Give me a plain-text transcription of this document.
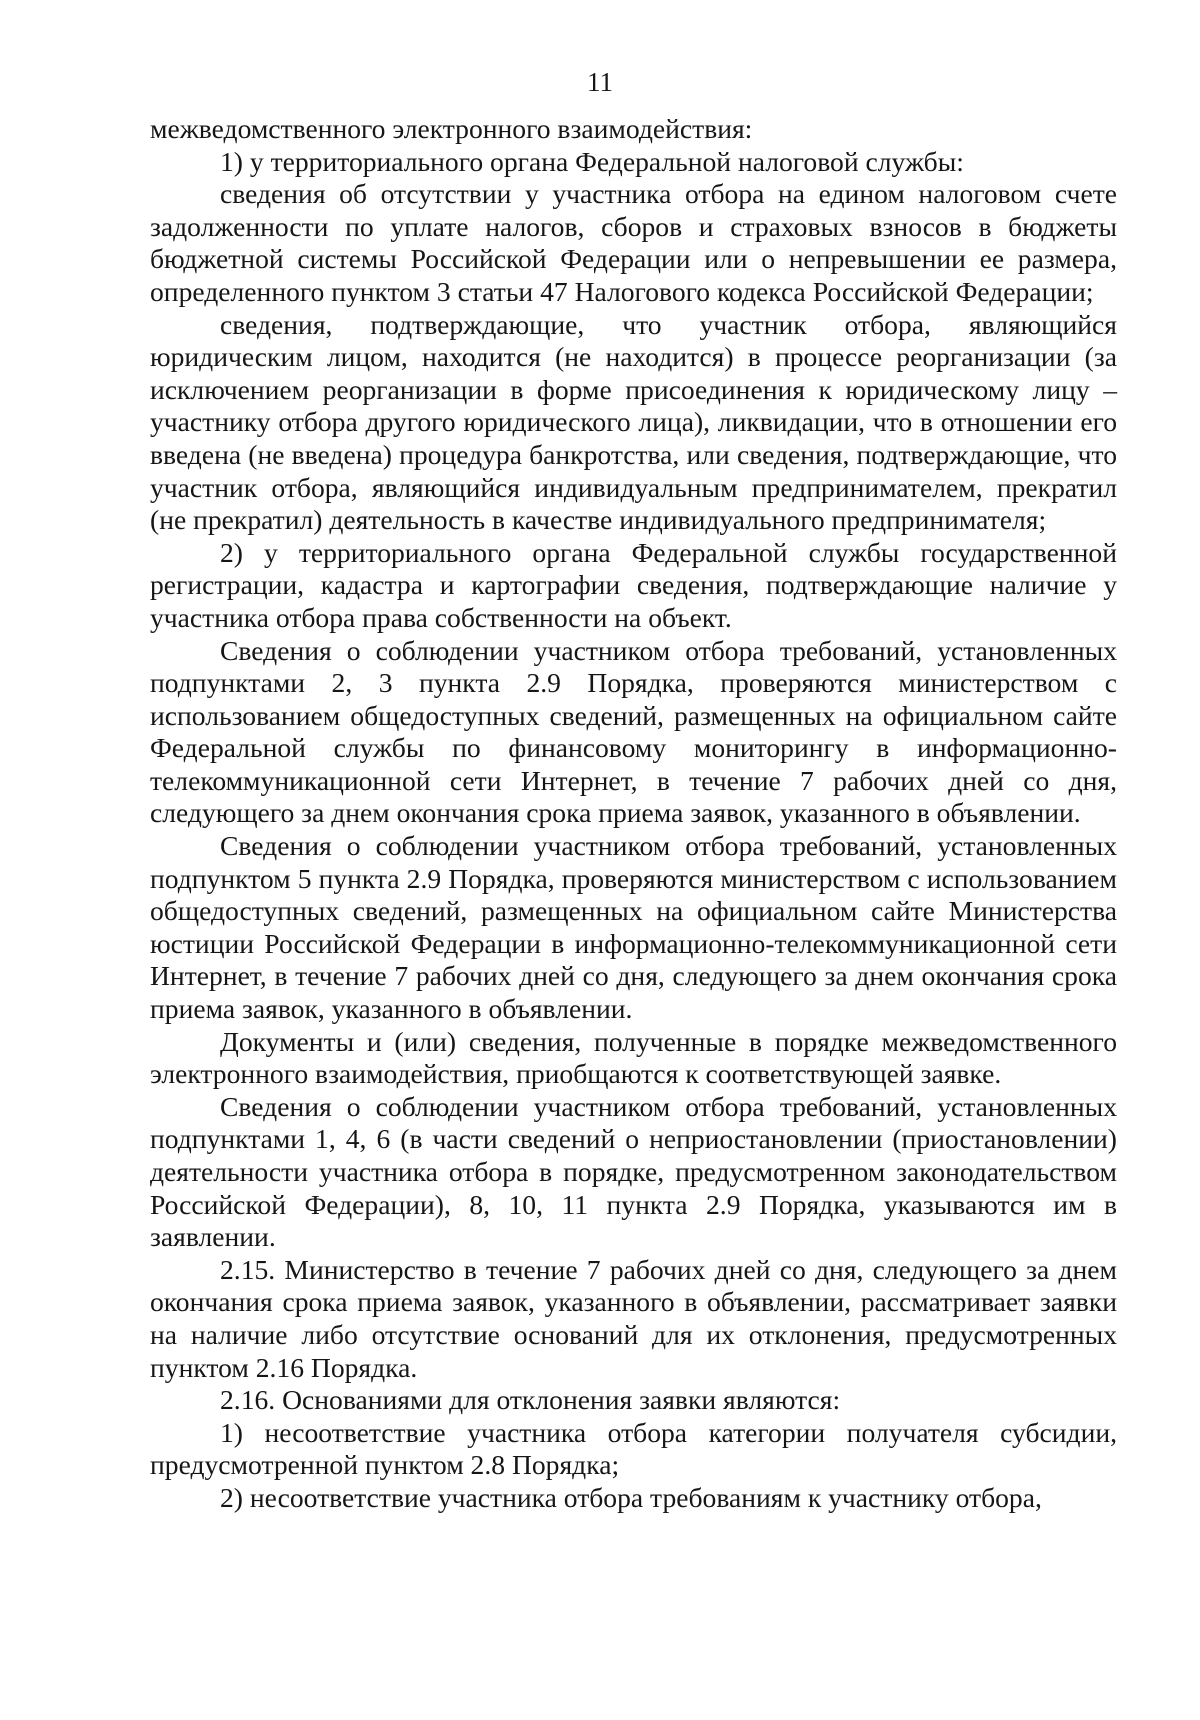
11

межведомственного электронного взаимодействия:

1) у территориального органа Федеральной налоговой службы:

сведения об отсутствии у участника отбора на едином налоговом счете задолженности по уплате налогов, сборов и страховых взносов в бюджеты бюджетной системы Российской Федерации или о непревышении ее размера, определенного пунктом 3 статьи 47 Налогового кодекса Российской Федерации;

сведения, подтверждающие, что участник отбора, являющийся юридическим лицом, находится (не находится) в процессе реорганизации (за исключением реорганизации в форме присоединения к юридическому лицу – участнику отбора другого юридического лица), ликвидации, что в отношении его введена (не введена) процедура банкротства, или сведения, подтверждающие, что участник отбора, являющийся индивидуальным предпринимателем, прекратил (не прекратил) деятельность в качестве индивидуального предпринимателя;

2) у территориального органа Федеральной службы государственной регистрации, кадастра и картографии сведения, подтверждающие наличие у участника отбора права собственности на объект.

Сведения о соблюдении участником отбора требований, установленных подпунктами 2, 3 пункта 2.9 Порядка, проверяются министерством с использованием общедоступных сведений, размещенных на официальном сайте Федеральной службы по финансовому мониторингу в информационно-телекоммуникационной сети Интернет, в течение 7 рабочих дней со дня, следующего за днем окончания срока приема заявок, указанного в объявлении.

Сведения о соблюдении участником отбора требований, установленных подпунктом 5 пункта 2.9 Порядка, проверяются министерством с использованием общедоступных сведений, размещенных на официальном сайте Министерства юстиции Российской Федерации в информационно-телекоммуникационной сети Интернет, в течение 7 рабочих дней со дня, следующего за днем окончания срока приема заявок, указанного в объявлении.

Документы и (или) сведения, полученные в порядке межведомственного электронного взаимодействия, приобщаются к соответствующей заявке.

Сведения о соблюдении участником отбора требований, установленных подпунктами 1, 4, 6 (в части сведений о неприостановлении (приостановлении) деятельности участника отбора в порядке, предусмотренном законодательством Российской Федерации), 8, 10, 11 пункта 2.9 Порядка, указываются им в заявлении.

2.15. Министерство в течение 7 рабочих дней со дня, следующего за днем окончания срока приема заявок, указанного в объявлении, рассматривает заявки на наличие либо отсутствие оснований для их отклонения, предусмотренных пунктом 2.16 Порядка.

2.16. Основаниями для отклонения заявки являются:

1) несоответствие участника отбора категории получателя субсидии, предусмотренной пунктом 2.8 Порядка;

2) несоответствие участника отбора требованиям к участнику отбора,
